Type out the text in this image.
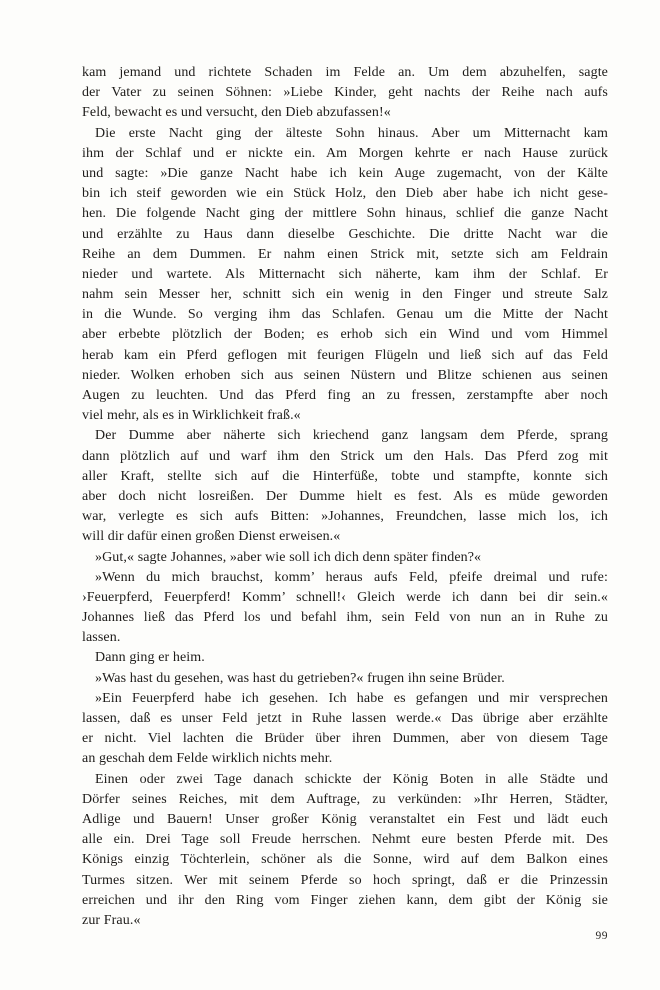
kam jemand und richtete Schaden im Felde an. Um dem abzuhelfen, sagte
der Vater zu seinen Söhnen: »Liebe Kinder, geht nachts der Reihe nach aufs
Feld, bewacht es und versucht, den Dieb abzufassen!«
Die erste Nacht ging der älteste Sohn hinaus. Aber um Mitternacht kam
ihm der Schlaf und er nickte ein. Am Morgen kehrte er nach Hause zurück
und sagte: »Die ganze Nacht habe ich kein Auge zugemacht, von der Kälte
bin ich steif geworden wie ein Stück Holz, den Dieb aber habe ich nicht gese-
hen. Die folgende Nacht ging der mittlere Sohn hinaus, schlief die ganze Nacht
und erzählte zu Haus dann dieselbe Geschichte. Die dritte Nacht war die
Reihe an dem Dummen. Er nahm einen Strick mit, setzte sich am Feldrain
nieder und wartete. Als Mitternacht sich näherte, kam ihm der Schlaf. Er
nahm sein Messer her, schnitt sich ein wenig in den Finger und streute Salz
in die Wunde. So verging ihm das Schlafen. Genau um die Mitte der Nacht
aber erbebte plötzlich der Boden; es erhob sich ein Wind und vom Himmel
herab kam ein Pferd geflogen mit feurigen Flügeln und ließ sich auf das Feld
nieder. Wolken erhoben sich aus seinen Nüstern und Blitze schienen aus seinen
Augen zu leuchten. Und das Pferd fing an zu fressen, zerstampfte aber noch
viel mehr, als es in Wirklichkeit fraß.«
Der Dumme aber näherte sich kriechend ganz langsam dem Pferde, sprang
dann plötzlich auf und warf ihm den Strick um den Hals. Das Pferd zog mit
aller Kraft, stellte sich auf die Hinterfüße, tobte und stampfte, konnte sich
aber doch nicht losreißen. Der Dumme hielt es fest. Als es müde geworden
war, verlegte es sich aufs Bitten: »Johannes, Freundchen, lasse mich los, ich
will dir dafür einen großen Dienst erweisen.«
»Gut,« sagte Johannes, »aber wie soll ich dich denn später finden?«
»Wenn du mich brauchst, komm’ heraus aufs Feld, pfeife dreimal und rufe:
›Feuerpferd, Feuerpferd! Komm’ schnell!‹ Gleich werde ich dann bei dir sein.«
Johannes ließ das Pferd los und befahl ihm, sein Feld von nun an in Ruhe zu
lassen.
Dann ging er heim.
»Was hast du gesehen, was hast du getrieben?« frugen ihn seine Brüder.
»Ein Feuerpferd habe ich gesehen. Ich habe es gefangen und mir versprechen
lassen, daß es unser Feld jetzt in Ruhe lassen werde.« Das übrige aber erzählte
er nicht. Viel lachten die Brüder über ihren Dummen, aber von diesem Tage
an geschah dem Felde wirklich nichts mehr.
Einen oder zwei Tage danach schickte der König Boten in alle Städte und
Dörfer seines Reiches, mit dem Auftrage, zu verkünden: »Ihr Herren, Städter,
Adlige und Bauern! Unser großer König veranstaltet ein Fest und lädt euch
alle ein. Drei Tage soll Freude herrschen. Nehmt eure besten Pferde mit. Des
Königs einzig Töchterlein, schöner als die Sonne, wird auf dem Balkon eines
Turmes sitzen. Wer mit seinem Pferde so hoch springt, daß er die Prinzessin
erreichen und ihr den Ring vom Finger ziehen kann, dem gibt der König sie
zur Frau.«
99
